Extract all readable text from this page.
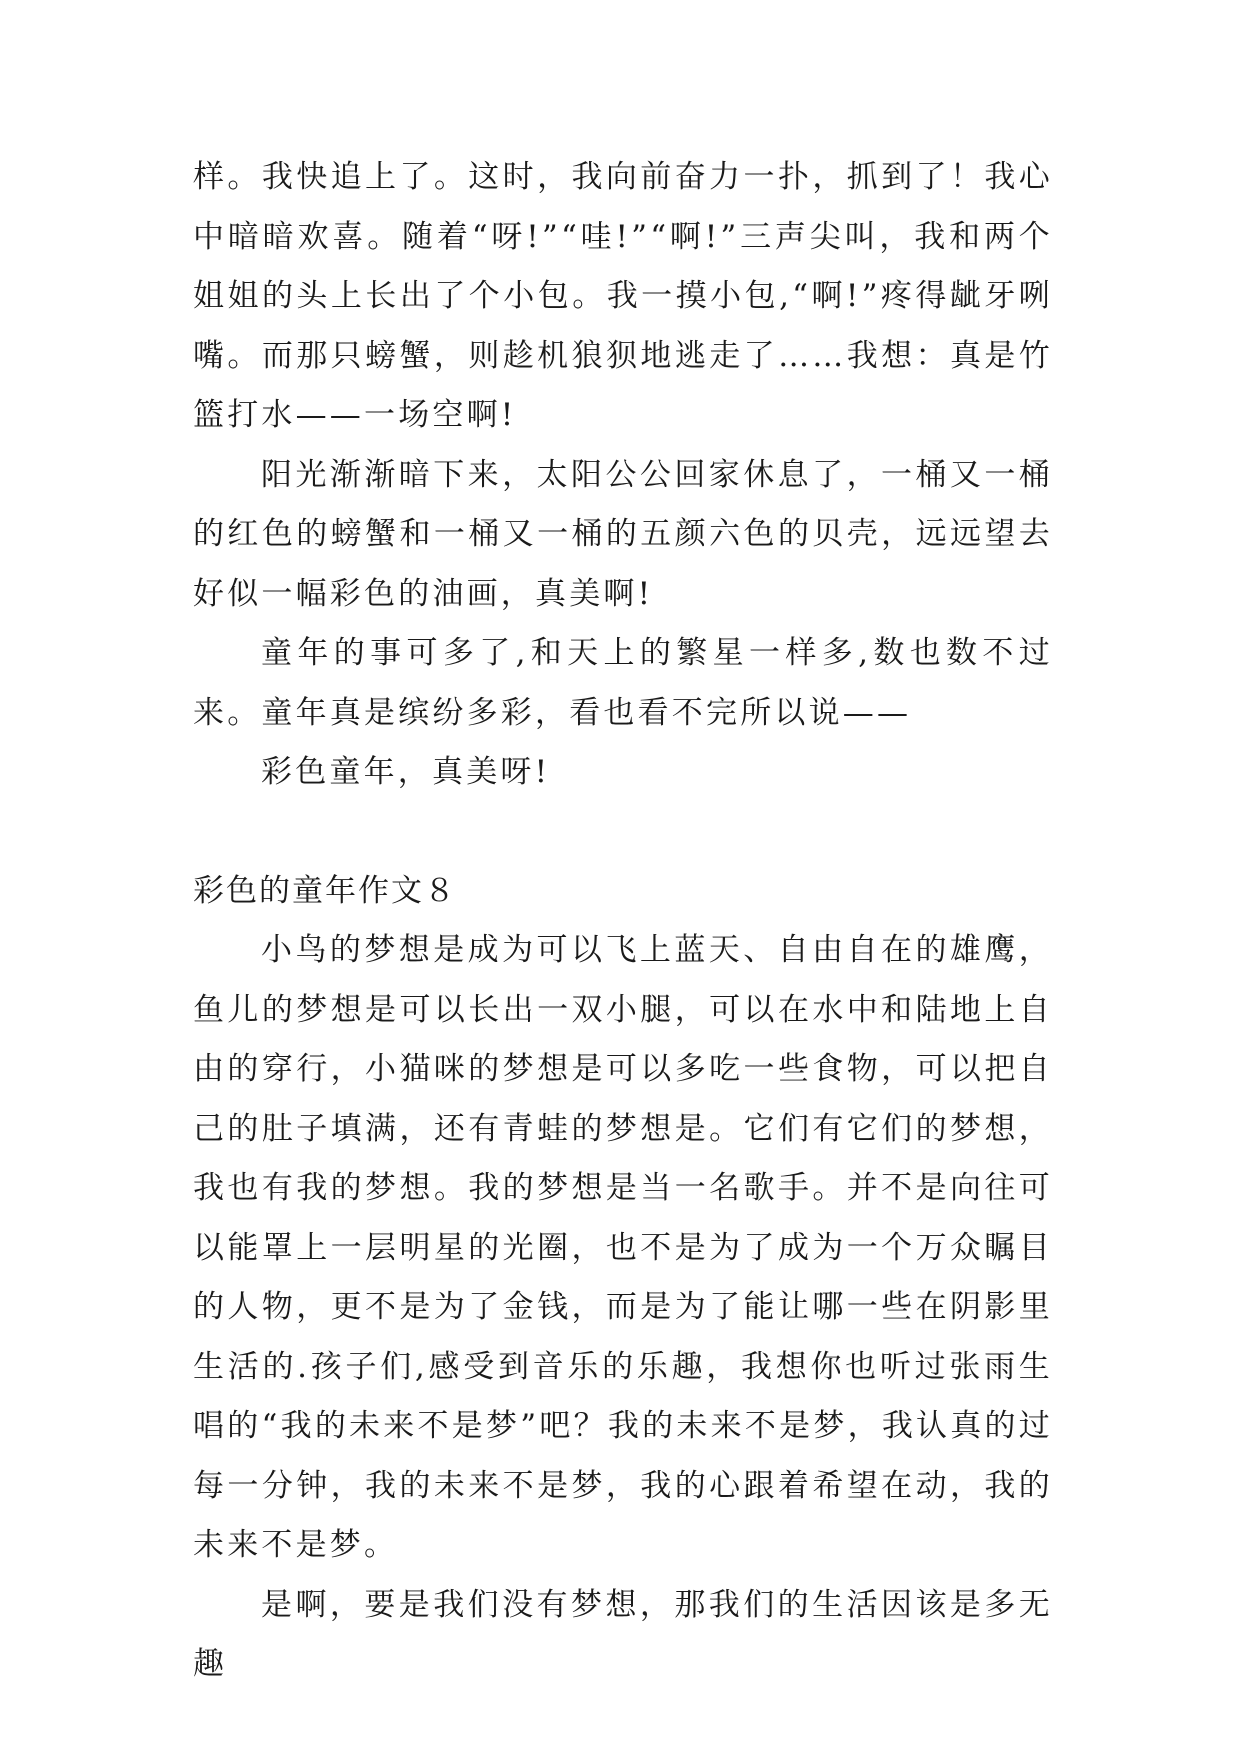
样。我快追上了。这时，我向前奋力一扑，抓到了！我心中暗暗欢喜。随着“呀!”“哇!”“啊!”三声尖叫，我和两个姐姐的头上长出了个小包。我一摸小包,“啊!”疼得龇牙咧嘴。而那只螃蟹，则趁机狼狈地逃走了……我想：真是竹篮打水——一场空啊!

阳光渐渐暗下来，太阳公公回家休息了，一桶又一桶的红色的螃蟹和一桶又一桶的五颜六色的贝壳，远远望去好似一幅彩色的油画，真美啊!

童年的事可多了,和天上的繁星一样多,数也数不过来。童年真是缤纷多彩，看也看不完所以说——

彩色童年，真美呀!

彩色的童年作文８

小鸟的梦想是成为可以飞上蓝天、自由自在的雄鹰，鱼儿的梦想是可以长出一双小腿，可以在水中和陆地上自由的穿行，小猫咪的梦想是可以多吃一些食物，可以把自己的肚子填满，还有青蛙的梦想是。它们有它们的梦想，我也有我的梦想。我的梦想是当一名歌手。并不是向往可以能罩上一层明星的光圈，也不是为了成为一个万众瞩目的人物，更不是为了金钱，而是为了能让哪一些在阴影里生活的.孩子们,感受到音乐的乐趣，我想你也听过张雨生唱的“我的未来不是梦”吧？我的未来不是梦，我认真的过每一分钟，我的未来不是梦，我的心跟着希望在动，我的未来不是梦。

是啊，要是我们没有梦想，那我们的生活因该是多无趣
